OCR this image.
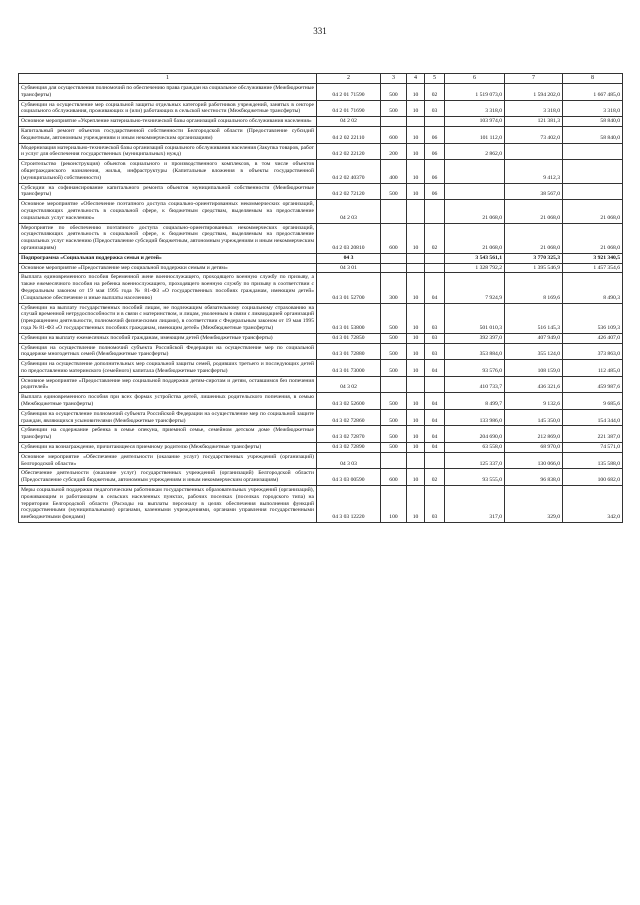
331
1	2	3	4	5	6	7	8
Субвенция для осуществления полномочий по обеспечению права граждан на социальное обслуживание (Межбюджетные трансферты)	04 2 01 71590	500	10	02	1 519 073,0	1 594 202,0	1 667 485,0
Субвенции на осуществление мер социальной защиты отдельных категорий работников учреждений, занятых в секторе социального обслуживания, проживающих и (или) работающих в сельской местности (Межбюджетные трансферты)	04 2 01 71690	500	10	03	3 318,0	3 318,0	3 318,0
Основное мероприятие «Укрепление материально-технической базы организаций социального обслуживания населения»	04 2 02				103 974,0	121 381,3	58 840,0
Капитальный ремонт объектов государственной собственности Белгородской области (Предоставление субсидий бюджетным, автономным учреждениям и иным некоммерческим организациям)	04 2 02 22110	600	10	06	101 112,0	73 402,0	58 840,0
Модернизация материально-технической базы организаций социального обслуживания населения (Закупка товаров, работ и услуг для обеспечения государственных (муниципальных) нужд)	04 2 02 22120	200	10	06	2 862,0		
Строительство (реконструкция) объектов социального и производственного комплексов, в том числе объектов общегражданского назначения, жилья, инфраструктуры (Капитальные вложения в объекты государственной (муниципальной) собственности)	04 2 02 40370	400	10	06		9 412,3	
Субсидии на софинансирование капитального ремонта объектов муниципальной собственности (Межбюджетные трансферты)	04 2 02 72120	500	10	06		38 567,0	
Основное мероприятие «Обеспечение поэтапного доступа социально-ориентированных некоммерческих организаций, осуществляющих деятельность в социальной сфере, к бюджетным средствам, выделяемым на предоставление социальных услуг населению»	04 2 03				21 068,0	21 068,0	21 068,0
Мероприятие по обеспечению поэтапного доступа социально-ориентированных некоммерческих организаций, осуществляющих деятельность в социальной сфере, к бюджетным средствам, выделяемым на предоставление социальных услуг населению (Предоставление субсидий бюджетным, автономным учреждениям и иным некоммерческим организациям)	04 2 03 20810	600	10	02	21 068,0	21 068,0	21 068,0
Подпрограмма «Социальная поддержка семьи и детей»	04 3				3 543 561,1	3 770 325,3	3 921 340,5
Основное мероприятие «Предоставление мер социальной поддержки семьям и детям»	04 3 01				1 328 792,2	1 395 546,9	1 457 354,6
Выплата единовременного пособия беременной жене военнослужащего, проходящего военную службу по призыву, а также ежемесячного пособия на ребенка военнослужащего, проходящего военную службу по призыву в соответствии с Федеральным законом от 19 мая 1995 года № 81-ФЗ «О государственных пособиях гражданам, имеющим детей» (Социальное обеспечение и иные выплаты населению)	04 3 01 52700	300	10	04	7 924,9	8 169,6	8 490,3
Субвенции на выплату государственных пособий лицам, не подлежащим обязательному социальному страхованию на случай временной нетрудоспособности и в связи с материнством, и лицам, уволенным в связи с ликвидацией организаций (прекращением деятельности, полномочий физическими лицами), в соответствии с Федеральным законом от 19 мая 1995 года № 81-ФЗ «О государственных пособиях гражданам, имеющим детей» (Межбюджетные трансферты)	04 3 01 53800	500	10	03	501 010,3	516 145,3	536 109,3
Субвенции на выплату ежемесячных пособий гражданам, имеющим детей (Межбюджетные трансферты)	04 3 01 72850	500	10	03	392 397,0	407 949,0	426 407,0
Субвенция на осуществление полномочий субъекта Российской Федерации на осуществление мер по социальной поддержке многодетных семей (Межбюджетные трансферты)	04 3 01 72880	500	10	03	353 884,0	355 124,0	373 863,0
Субвенции на осуществление дополнительных мер социальной защиты семей, родивших третьего и последующих детей по предоставлению материнского (семейного) капитала (Межбюджетные трансферты)	04 3 01 73000	500	10	04	93 576,0	108 159,0	112 485,0
Основное мероприятие «Предоставление мер социальной поддержки детям-сиротам и детям, оставшимся без попечения родителей»	04 3 02				410 733,7	436 321,6	459 987,6
Выплата единовременного пособия при всех формах устройства детей, лишенных родительского попечения, в семью (Межбюджетные трансферты)	04 3 02 52600	500	10	04	8 499,7	9 132,6	9 685,6
Субвенция на осуществление полномочий субъекта Российской Федерации на осуществление мер по социальной защите граждан, являющихся усыновителями (Межбюджетные трансферты)	04 3 02 72860	500	10	04	133 986,0	145 350,0	154 344,0
Субвенции на содержание ребенка в семье опекуна, приемной семье, семейном детском доме (Межбюджетные трансферты)	04 3 02 72870	500	10	04	204 690,0	212 869,0	221 387,0
Субвенции на вознаграждение, причитающееся приемному родителю (Межбюджетные трансферты)	04 3 02 72890	500	10	04	63 558,0	68 970,0	74 571,0
Основное мероприятие «Обеспечение деятельности (оказание услуг) государственных учреждений (организаций) Белгородской области»	04 3 03				125 337,0	130 066,0	135 588,0
Обеспечение деятельности (оказание услуг) государственных учреждений (организаций) Белгородской области (Предоставление субсидий бюджетным, автономным учреждениям и иным некоммерческим организациям)	04 3 03 00590	600	10	02	93 555,0	96 838,0	100 682,0
Меры социальной поддержки педагогическим работникам государственных образовательных учреждений (организаций), проживающим и работающим в сельских населенных пунктах, рабочих поселках (поселках городского типа) на территории Белгородской области (Расходы на выплаты персоналу в целях обеспечения выполнения функций государственными (муниципальными) органами, казенными учреждениями, органами управления государственными внебюджетными фондами)	04 3 03 12220	100	10	03	317,0	329,0	342,0
